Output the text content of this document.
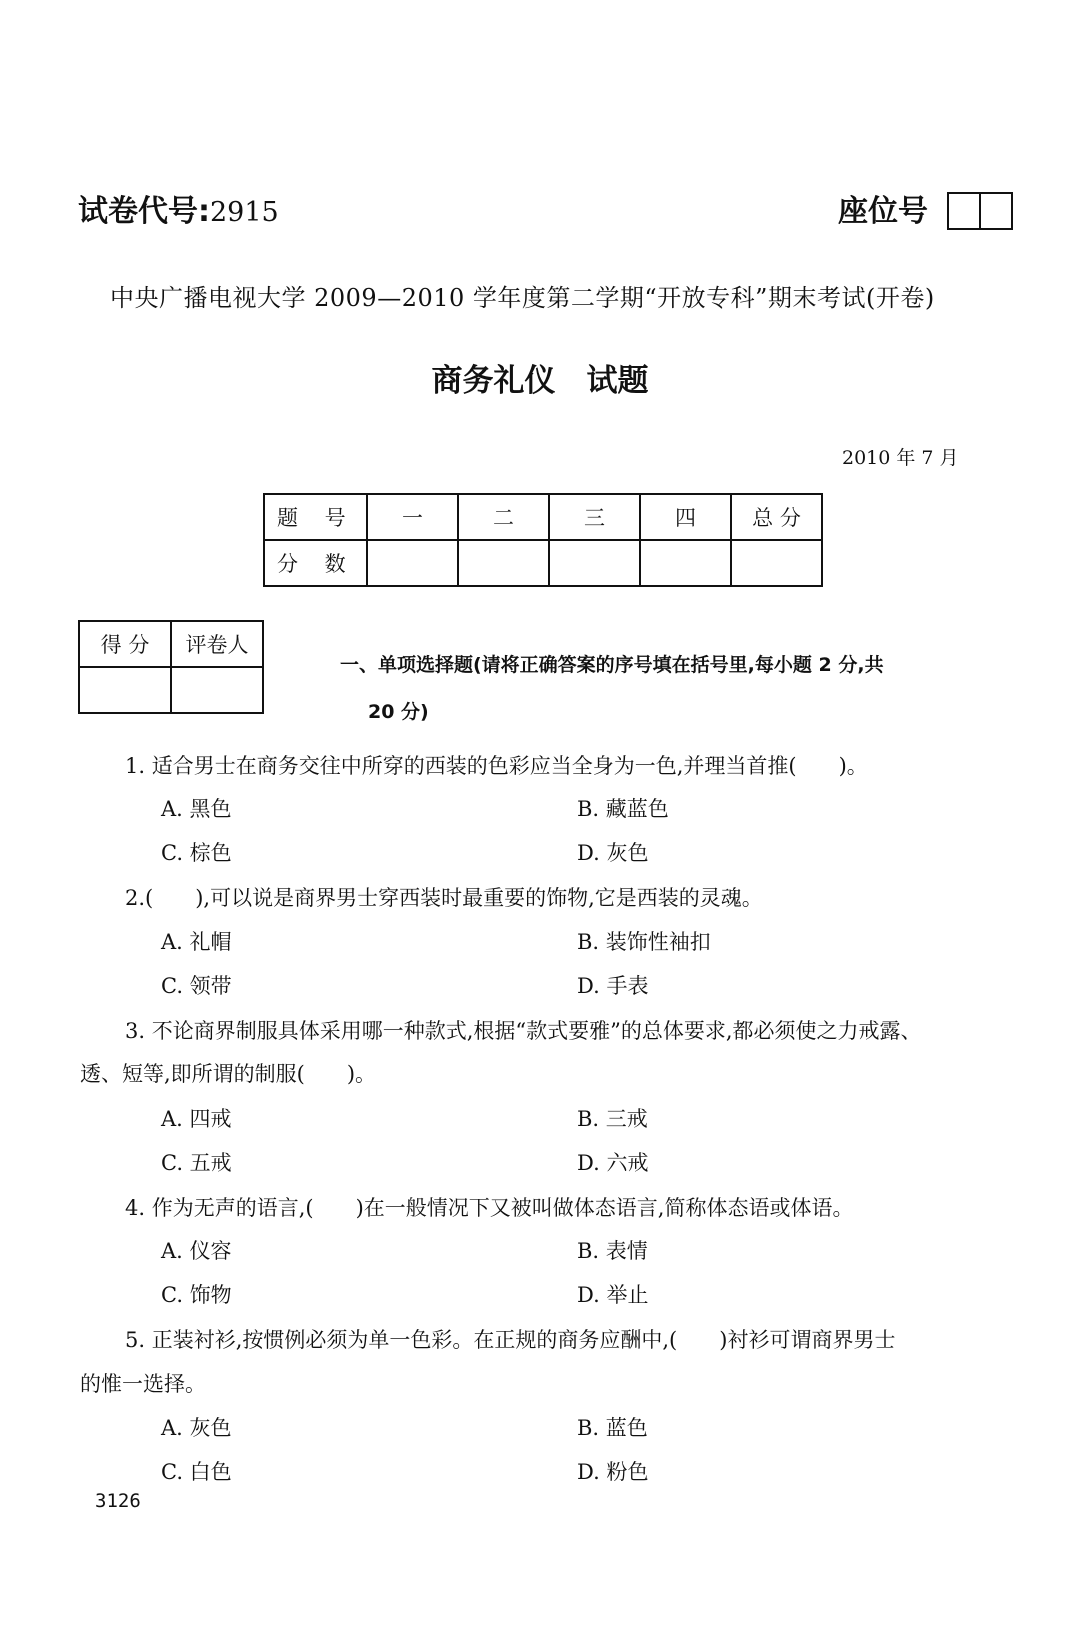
试卷代号:2915	座位号
中央广播电视大学 2009—2010 学年度第二学期“开放专科”期末考试(开卷)
商务礼仪　试题
2010 年 7 月
题 号	一	二	三	四	总 分
分 数					
得 分	评卷人

一、单项选择题(请将正确答案的序号填在括号里,每小题 2 分,共
20 分)
1. 适合男士在商务交往中所穿的西装的色彩应当全身为一色,并理当首推(　　)。
A. 黑色	B. 藏蓝色
C. 棕色	D. 灰色
2.(　　),可以说是商界男士穿西装时最重要的饰物,它是西装的灵魂。
A. 礼帽	B. 装饰性袖扣
C. 领带	D. 手表
3. 不论商界制服具体采用哪一种款式,根据“款式要雅”的总体要求,都必须使之力戒露、
透、短等,即所谓的制服(　　)。
A. 四戒	B. 三戒
C. 五戒	D. 六戒
4. 作为无声的语言,(　　)在一般情况下又被叫做体态语言,简称体态语或体语。
A. 仪容	B. 表情
C. 饰物	D. 举止
5. 正装衬衫,按惯例必须为单一色彩。在正规的商务应酬中,(　　)衬衫可谓商界男士
的惟一选择。
A. 灰色	B. 蓝色
C. 白色	D. 粉色
3126
